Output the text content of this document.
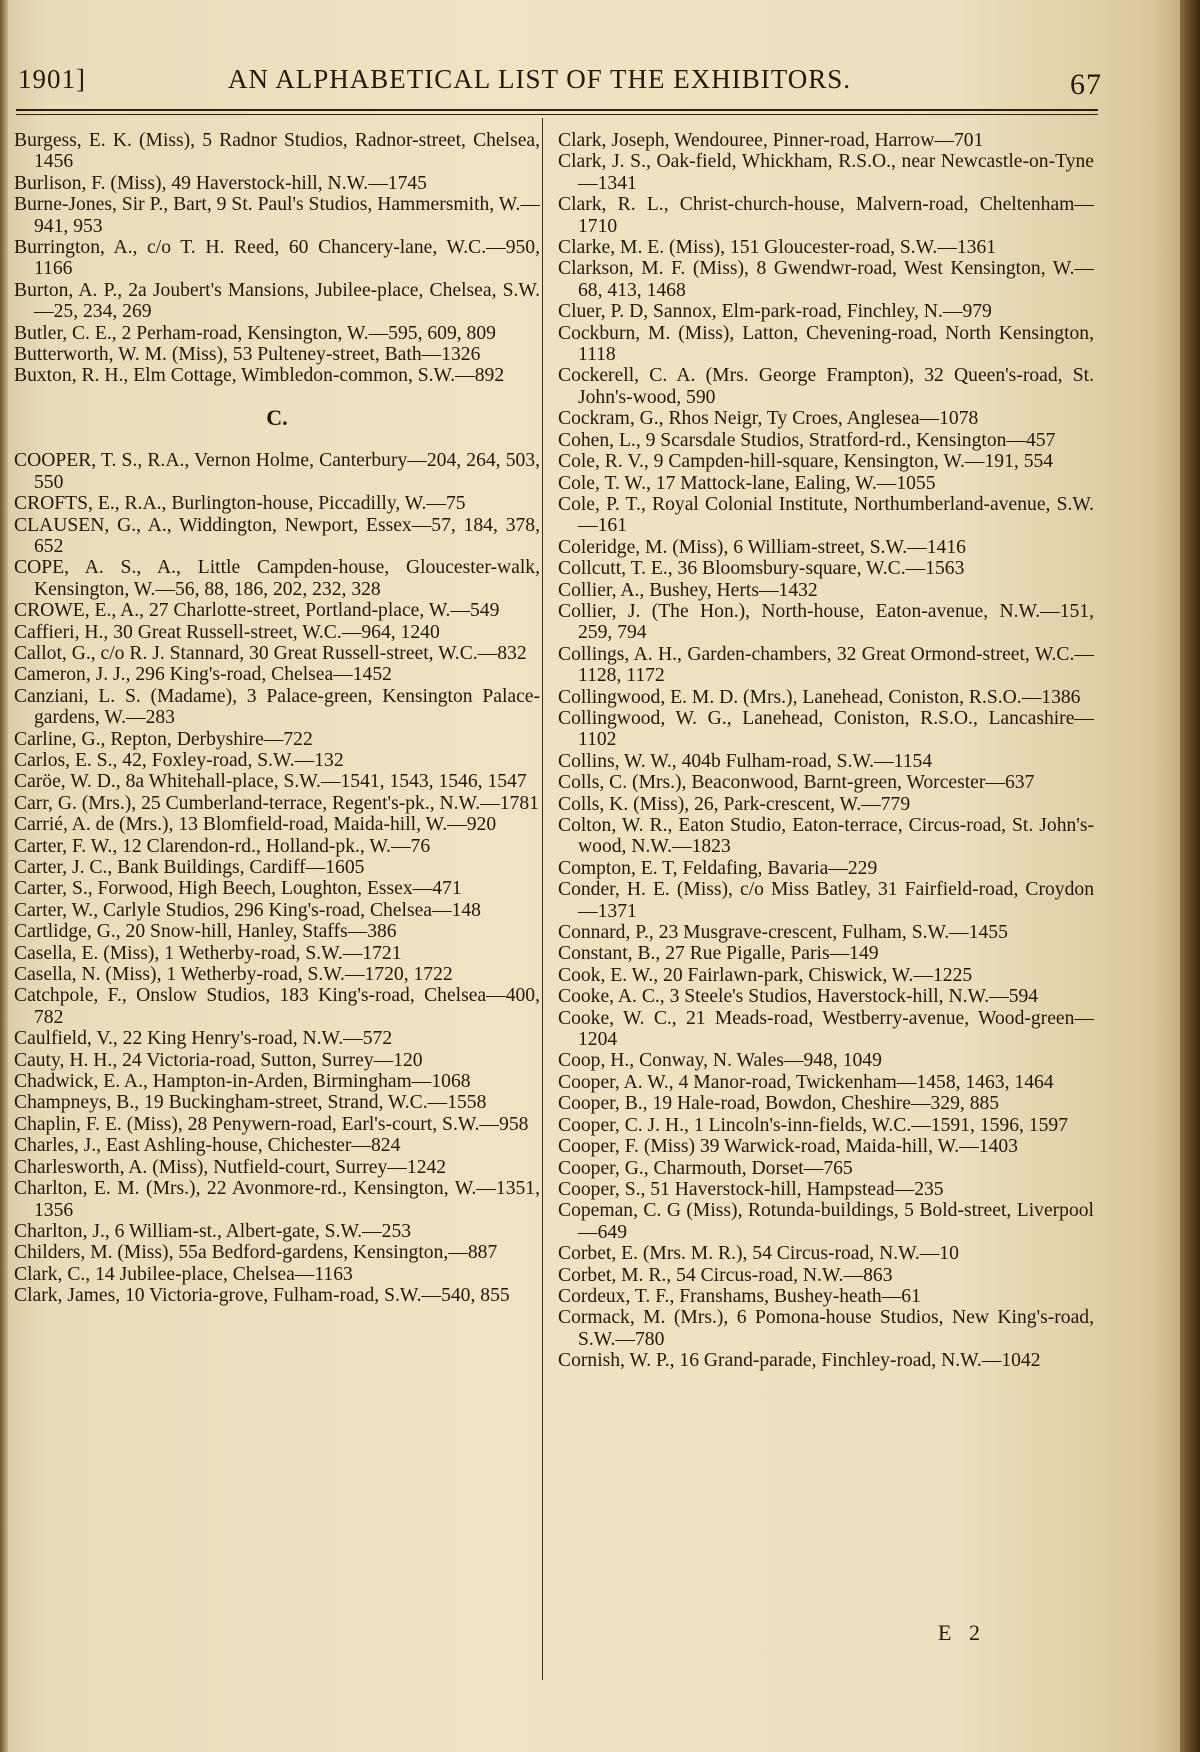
1901]	AN ALPHABETICAL LIST OF THE EXHIBITORS.	67

Burgess, E. K. (Miss), 5 Radnor Studios, Radnor-street, Chelsea, 1456

Burlison, F. (Miss), 49 Haverstock-hill, N.W.—1745

Burne-Jones, Sir P., Bart, 9 St. Paul's Studios, Hammersmith, W.—941, 953

Burrington, A., c/o T. H. Reed, 60 Chancery-lane, W.C.—950, 1166

Burton, A. P., 2a Joubert's Mansions, Jubilee-place, Chelsea, S.W.—25, 234, 269

Butler, C. E., 2 Perham-road, Kensington, W.—595, 609, 809

Butterworth, W. M. (Miss), 53 Pulteney-street, Bath—1326

Buxton, R. H., Elm Cottage, Wimbledon-common, S.W.—892

C.

COOPER, T. S., R.A., Vernon Holme, Canterbury—204, 264, 503, 550

CROFTS, E., R.A., Burlington-house, Piccadilly, W.—75

CLAUSEN, G., A., Widdington, Newport, Essex—57, 184, 378, 652

COPE, A. S., A., Little Campden-house, Gloucester-walk, Kensington, W.—56, 88, 186, 202, 232, 328

CROWE, E., A., 27 Charlotte-street, Portland-place, W.—549

Caffieri, H., 30 Great Russell-street, W.C.—964, 1240

Callot, G., c/o R. J. Stannard, 30 Great Russell-street, W.C.—832

Cameron, J. J., 296 King's-road, Chelsea—1452

Canziani, L. S. (Madame), 3 Palace-green, Kensington Palace-gardens, W.—283

Carline, G., Repton, Derbyshire—722

Carlos, E. S., 42, Foxley-road, S.W.—132

Caröe, W. D., 8a Whitehall-place, S.W.—1541, 1543, 1546, 1547

Carr, G. (Mrs.), 25 Cumberland-terrace, Regent's-pk., N.W.—1781

Carrié, A. de (Mrs.), 13 Blomfield-road, Maida-hill, W.—920

Carter, F. W., 12 Clarendon-rd., Holland-pk., W.—76

Carter, J. C., Bank Buildings, Cardiff—1605

Carter, S., Forwood, High Beech, Loughton, Essex—471

Carter, W., Carlyle Studios, 296 King's-road, Chelsea—148

Cartlidge, G., 20 Snow-hill, Hanley, Staffs—386

Casella, E. (Miss), 1 Wetherby-road, S.W.—1721

Casella, N. (Miss), 1 Wetherby-road, S.W.—1720, 1722

Catchpole, F., Onslow Studios, 183 King's-road, Chelsea—400, 782

Caulfield, V., 22 King Henry's-road, N.W.—572

Cauty, H. H., 24 Victoria-road, Sutton, Surrey—120

Chadwick, E. A., Hampton-in-Arden, Birmingham—1068

Champneys, B., 19 Buckingham-street, Strand, W.C.—1558

Chaplin, F. E. (Miss), 28 Penywern-road, Earl's-court, S.W.—958

Charles, J., East Ashling-house, Chichester—824

Charlesworth, A. (Miss), Nutfield-court, Surrey—1242

Charlton, E. M. (Mrs.), 22 Avonmore-rd., Kensington, W.—1351, 1356

Charlton, J., 6 William-st., Albert-gate, S.W.—253

Childers, M. (Miss), 55a Bedford-gardens, Kensington,—887

Clark, C., 14 Jubilee-place, Chelsea—1163

Clark, James, 10 Victoria-grove, Fulham-road, S.W.—540, 855

Clark, Joseph, Wendouree, Pinner-road, Harrow—701

Clark, J. S., Oak-field, Whickham, R.S.O., near Newcastle-on-Tyne—1341

Clark, R. L., Christ-church-house, Malvern-road, Cheltenham—1710

Clarke, M. E. (Miss), 151 Gloucester-road, S.W.—1361

Clarkson, M. F. (Miss), 8 Gwendwr-road, West Kensington, W.—68, 413, 1468

Cluer, P. D, Sannox, Elm-park-road, Finchley, N.—979

Cockburn, M. (Miss), Latton, Chevening-road, North Kensington, 1118

Cockerell, C. A. (Mrs. George Frampton), 32 Queen's-road, St. John's-wood, 590

Cockram, G., Rhos Neigr, Ty Croes, Anglesea—1078

Cohen, L., 9 Scarsdale Studios, Stratford-rd., Kensington—457

Cole, R. V., 9 Campden-hill-square, Kensington, W.—191, 554

Cole, T. W., 17 Mattock-lane, Ealing, W.—1055

Cole, P. T., Royal Colonial Institute, Northumberland-avenue, S.W.—161

Coleridge, M. (Miss), 6 William-street, S.W.—1416

Collcutt, T. E., 36 Bloomsbury-square, W.C.—1563

Collier, A., Bushey, Herts—1432

Collier, J. (The Hon.), North-house, Eaton-avenue, N.W.—151, 259, 794

Collings, A. H., Garden-chambers, 32 Great Ormond-street, W.C.—1128, 1172

Collingwood, E. M. D. (Mrs.), Lanehead, Coniston, R.S.O.—1386

Collingwood, W. G., Lanehead, Coniston, R.S.O., Lancashire—1102

Collins, W. W., 404b Fulham-road, S.W.—1154

Colls, C. (Mrs.), Beaconwood, Barnt-green, Worcester—637

Colls, K. (Miss), 26, Park-crescent, W.—779

Colton, W. R., Eaton Studio, Eaton-terrace, Circus-road, St. John's-wood, N.W.—1823

Compton, E. T, Feldafing, Bavaria—229

Conder, H. E. (Miss), c/o Miss Batley, 31 Fairfield-road, Croydon—1371

Connard, P., 23 Musgrave-crescent, Fulham, S.W.—1455

Constant, B., 27 Rue Pigalle, Paris—149

Cook, E. W., 20 Fairlawn-park, Chiswick, W.—1225

Cooke, A. C., 3 Steele's Studios, Haverstock-hill, N.W.—594

Cooke, W. C., 21 Meads-road, Westberry-avenue, Wood-green—1204

Coop, H., Conway, N. Wales—948, 1049

Cooper, A. W., 4 Manor-road, Twickenham—1458, 1463, 1464

Cooper, B., 19 Hale-road, Bowdon, Cheshire—329, 885

Cooper, C. J. H., 1 Lincoln's-inn-fields, W.C.—1591, 1596, 1597

Cooper, F. (Miss) 39 Warwick-road, Maida-hill, W.—1403

Cooper, G., Charmouth, Dorset—765

Cooper, S., 51 Haverstock-hill, Hampstead—235

Copeman, C. G (Miss), Rotunda-buildings, 5 Bold-street, Liverpool—649

Corbet, E. (Mrs. M. R.), 54 Circus-road, N.W.—10

Corbet, M. R., 54 Circus-road, N.W.—863

Cordeux, T. F., Franshams, Bushey-heath—61

Cormack, M. (Mrs.), 6 Pomona-house Studios, New King's-road, S.W.—780

Cornish, W. P., 16 Grand-parade, Finchley-road, N.W.—1042

E 2
